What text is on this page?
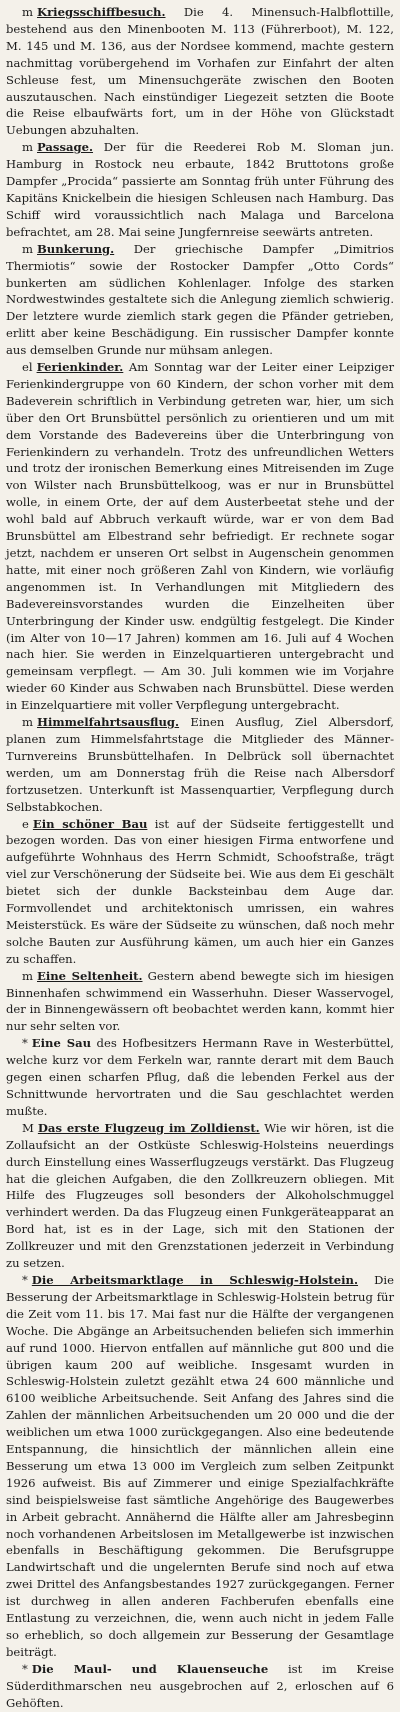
m Kriegsschiffbesuch. Die 4. Minensuch-Halbflottille, bestehend aus den Minenbooten M. 113 (Führerboot), M. 122, M. 145 und M. 136, aus der Nordsee kommend, machte gestern nachmittag vorübergehend im Vorhafen zur Einfahrt der alten Schleuse fest, um Minensuchgeräte zwischen den Booten auszutauschen. Nach einstündiger Liegezeit setzten die Boote die Reise elbaufwärts fort, um in der Höhe von Glückstadt Uebungen abzuhalten.

m Passage. Der für die Reederei Rob M. Sloman jun. Hamburg in Rostock neu erbaute, 1842 Bruttotons große Dampfer „Procida“ passierte am Sonntag früh unter Führung des Kapitäns Knickelbein die hiesigen Schleusen nach Hamburg. Das Schiff wird voraussichtlich nach Malaga und Barcelona befrachtet, am 28. Mai seine Jungfernreise seewärts antreten.

m Bunkerung. Der griechische Dampfer „Dimitrios Thermiotis“ sowie der Rostocker Dampfer „Otto Cords“ bunkerten am südlichen Kohlenlager. Infolge des starken Nordwestwindes gestaltete sich die Anlegung ziemlich schwierig. Der letztere wurde ziemlich stark gegen die Pfänder getrieben, erlitt aber keine Beschädigung. Ein russischer Dampfer konnte aus demselben Grunde nur mühsam anlegen.

el Ferienkinder. Am Sonntag war der Leiter einer Leipziger Ferienkindergruppe von 60 Kindern, der schon vorher mit dem Badeverein schriftlich in Verbindung getreten war, hier, um sich über den Ort Brunsbüttel persönlich zu orientieren und um mit dem Vorstande des Badevereins über die Unterbringung von Ferienkindern zu verhandeln. Trotz des unfreundlichen Wetters und trotz der ironischen Bemerkung eines Mitreisenden im Zuge von Wilster nach Brunsbüttelkoog, was er nur in Brunsbüttel wolle, in einem Orte, der auf dem Austerbeetat stehe und der wohl bald auf Abbruch verkauft würde, war er von dem Bad Brunsbüttel am Elbestrand sehr befriedigt. Er rechnete sogar jetzt, nachdem er unseren Ort selbst in Augenschein genommen hatte, mit einer noch größeren Zahl von Kindern, wie vorläufig angenommen ist. In Verhandlungen mit Mitgliedern des Badevereinsvorstandes wurden die Einzelheiten über Unterbringung der Kinder usw. endgültig festgelegt. Die Kinder (im Alter von 10—17 Jahren) kommen am 16. Juli auf 4 Wochen nach hier. Sie werden in Einzelquartieren untergebracht und gemeinsam verpflegt. — Am 30. Juli kommen wie im Vorjahre wieder 60 Kinder aus Schwaben nach Brunsbüttel. Diese werden in Einzelquartiere mit voller Verpflegung untergebracht.

m Himmelfahrtsausflug. Einen Ausflug, Ziel Albersdorf, planen zum Himmelsfahrtstage die Mitglieder des Männer-Turnvereins Brunsbüttelhafen. In Delbrück soll übernachtet werden, um am Donnerstag früh die Reise nach Albersdorf fortzusetzen. Unterkunft ist Massenquartier, Verpflegung durch Selbstabkochen.

e Ein schöner Bau ist auf der Südseite fertiggestellt und bezogen worden. Das von einer hiesigen Firma entworfene und aufgeführte Wohnhaus des Herrn Schmidt, Schoofstraße, trägt viel zur Verschönerung der Südseite bei. Wie aus dem Ei geschält bietet sich der dunkle Backsteinbau dem Auge dar. Formvollendet und architektonisch umrissen, ein wahres Meisterstück. Es wäre der Südseite zu wünschen, daß noch mehr solche Bauten zur Ausführung kämen, um auch hier ein Ganzes zu schaffen.

m Eine Seltenheit. Gestern abend bewegte sich im hiesigen Binnenhafen schwimmend ein Wasserhuhn. Dieser Wasservogel, der in Binnengewässern oft beobachtet werden kann, kommt hier nur sehr selten vor.

* Eine Sau des Hofbesitzers Hermann Rave in Westerbüttel, welche kurz vor dem Ferkeln war, rannte derart mit dem Bauch gegen einen scharfen Pflug, daß die lebenden Ferkel aus der Schnittwunde hervortraten und die Sau geschlachtet werden mußte.

M Das erste Flugzeug im Zolldienst. Wie wir hören, ist die Zollaufsicht an der Ostküste Schleswig-Holsteins neuerdings durch Einstellung eines Wasserflugzeugs verstärkt. Das Flugzeug hat die gleichen Aufgaben, die den Zollkreuzern obliegen. Mit Hilfe des Flugzeuges soll besonders der Alkoholschmuggel verhindert werden. Da das Flugzeug einen Funkgeräteapparat an Bord hat, ist es in der Lage, sich mit den Stationen der Zollkreuzer und mit den Grenzstationen jederzeit in Verbindung zu setzen.

* Die Arbeitsmarktlage in Schleswig-Holstein. Die Besserung der Arbeitsmarktlage in Schleswig-Holstein betrug für die Zeit vom 11. bis 17. Mai fast nur die Hälfte der vergangenen Woche. Die Abgänge an Arbeitsuchenden beliefen sich immerhin auf rund 1000. Hiervon entfallen auf männliche gut 800 und die übrigen kaum 200 auf weibliche. Insgesamt wurden in Schleswig-Holstein zuletzt gezählt etwa 24 600 männliche und 6100 weibliche Arbeitsuchende. Seit Anfang des Jahres sind die Zahlen der männlichen Arbeitsuchenden um 20 000 und die der weiblichen um etwa 1000 zurückgegangen. Also eine bedeutende Entspannung, die hinsichtlich der männlichen allein eine Besserung um etwa 13 000 im Vergleich zum selben Zeitpunkt 1926 aufweist. Bis auf Zimmerer und einige Spezialfachkräfte sind beispielsweise fast sämtliche Angehörige des Baugewerbes in Arbeit gebracht. Annähernd die Hälfte aller am Jahresbeginn noch vorhandenen Arbeitslosen im Metallgewerbe ist inzwischen ebenfalls in Beschäftigung gekommen. Die Berufsgruppe Landwirtschaft und die ungelernten Berufe sind noch auf etwa zwei Drittel des Anfangsbestandes 1927 zurückgegangen. Ferner ist durchweg in allen anderen Fachberufen ebenfalls eine Entlastung zu verzeichnen, die, wenn auch nicht in jedem Falle so erheblich, so doch allgemein zur Besserung der Gesamtlage beiträgt.

* Die Maul- und Klauenseuche ist im Kreise Süderdithmarschen neu ausgebrochen auf 2, erloschen auf 6 Gehöften.
